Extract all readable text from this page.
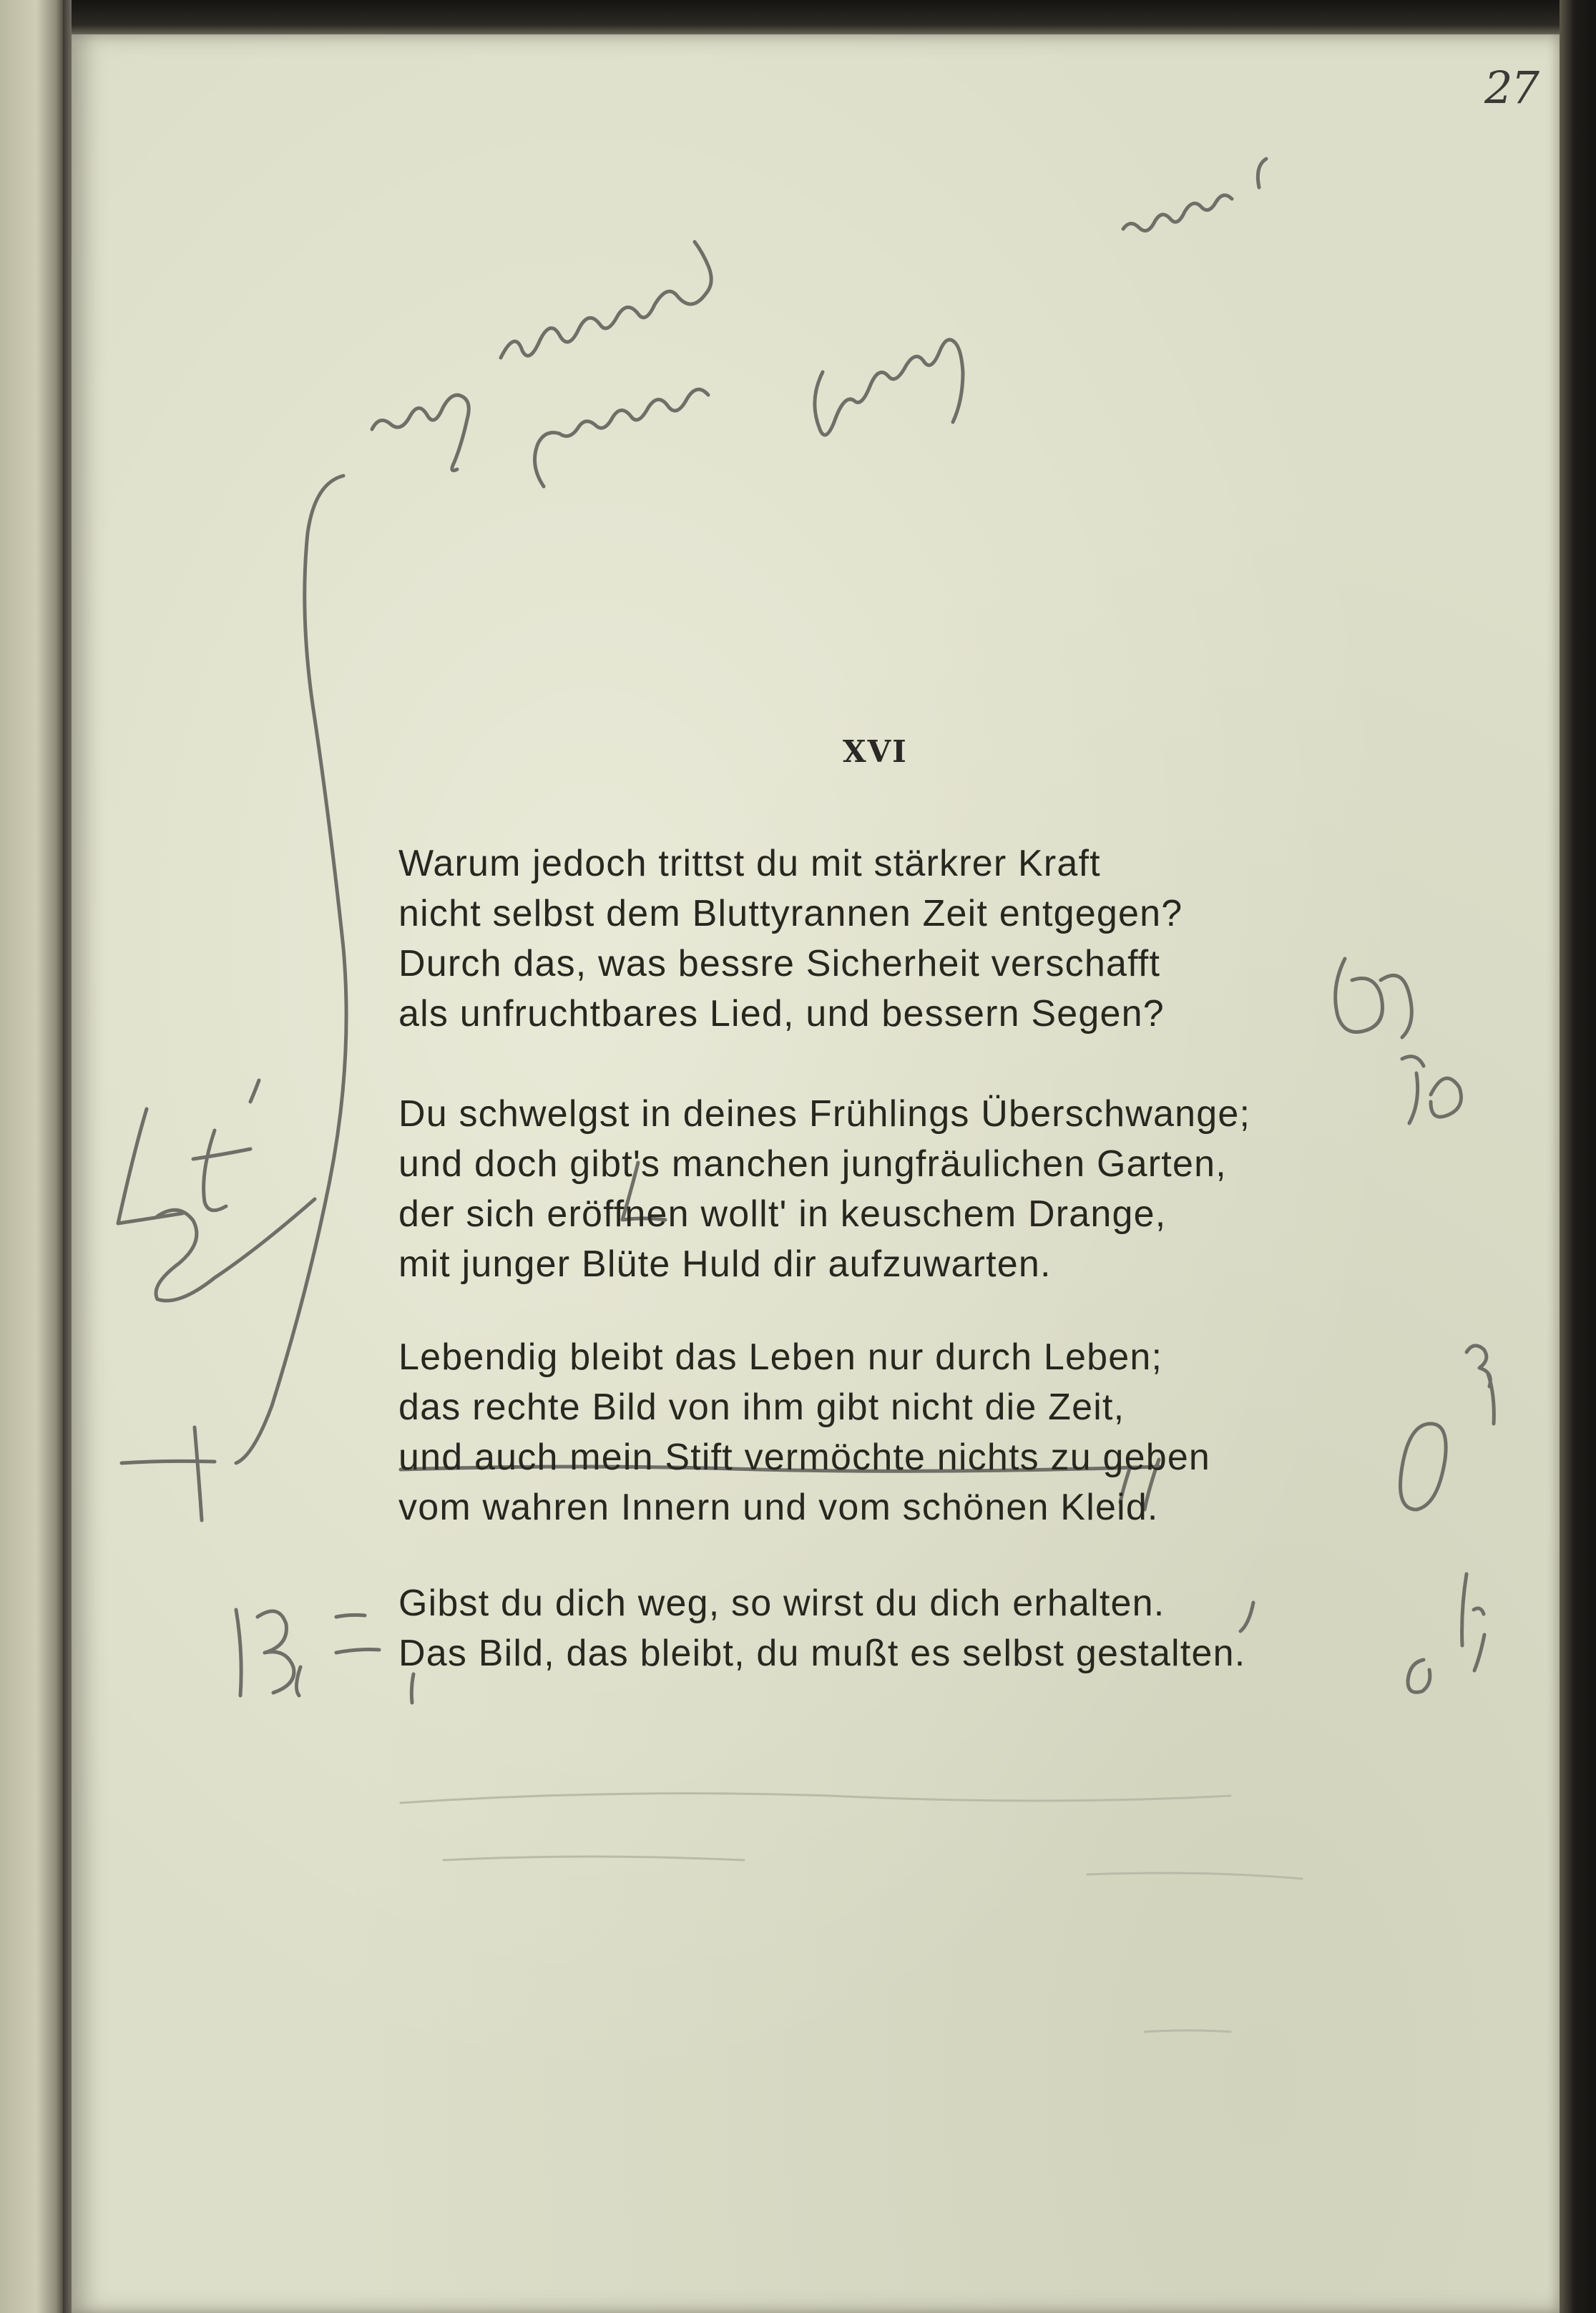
27

XVI
Warum jedoch trittst du mit stärkrer Kraft
nicht selbst dem Bluttyrannen Zeit entgegen?
Durch das, was bessre Sicherheit verschafft
als unfruchtbares Lied, und bessern Segen?
Du schwelgst in deines Frühlings Überschwange;
und doch gibt's manchen jungfräulichen Garten,
der sich eröffnen wollt' in keuschem Drange,
mit junger Blüte Huld dir aufzuwarten.
Lebendig bleibt das Leben nur durch Leben;
das rechte Bild von ihm gibt nicht die Zeit,
und auch mein Stift vermöchte nichts zu geben
vom wahren Innern und vom schönen Kleid.
Gibst du dich weg, so wirst du dich erhalten.
Das Bild, das bleibt, du mußt es selbst gestalten.
